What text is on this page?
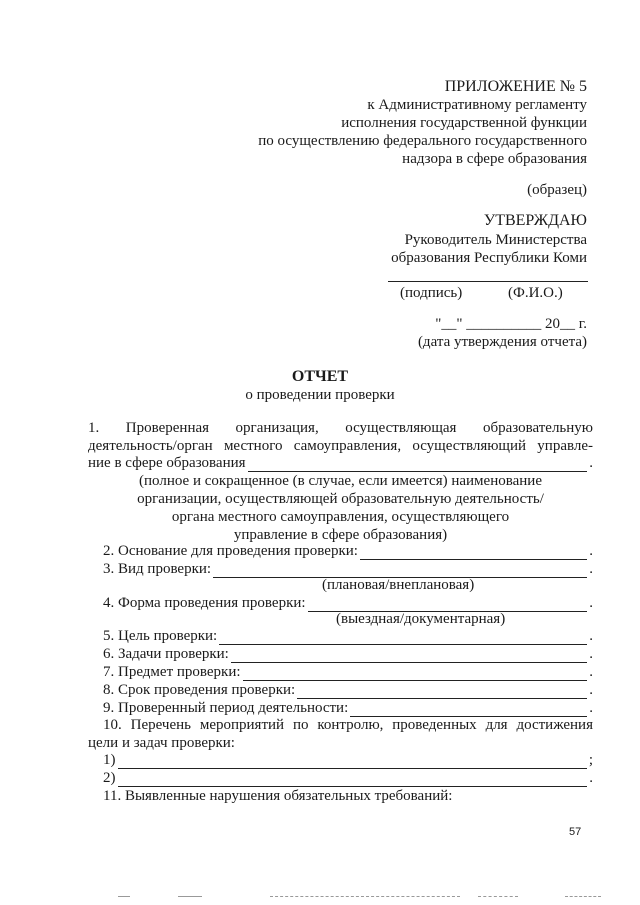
ПРИЛОЖЕНИЕ № 5
к Административному регламенту
исполнения государственной функции
по осуществлению федерального государственного
надзора в сфере образования
(образец)
УТВЕРЖДАЮ
Руководитель Министерства
образования Республики Коми
(подпись)	(Ф.И.О.)
"__" __________ 20__ г.
(дата утверждения отчета)
ОТЧЕТ
о проведении проверки
1. Проверенная организация, осуществляющая образовательную
деятельность/орган местного самоуправления, осуществляющий управле-
ние в сфере образования	.
(полное и сокращенное (в случае, если имеется) наименование
организации, осуществляющей образовательную деятельность/
органа местного самоуправления, осуществляющего
управление в сфере образования)
2. Основание для проведения проверки:	.
3. Вид проверки:	.
(плановая/внеплановая)
4. Форма проведения проверки:	.
(выездная/документарная)
5. Цель проверки:	.
6. Задачи проверки:	.
7. Предмет проверки:	.
8. Срок проведения проверки:	.
9. Проверенный период деятельности:	.
10. Перечень мероприятий по контролю, проведенных для достижения
цели и задач проверки:
1)	;
2)	.
11. Выявленные нарушения обязательных требований:
57
